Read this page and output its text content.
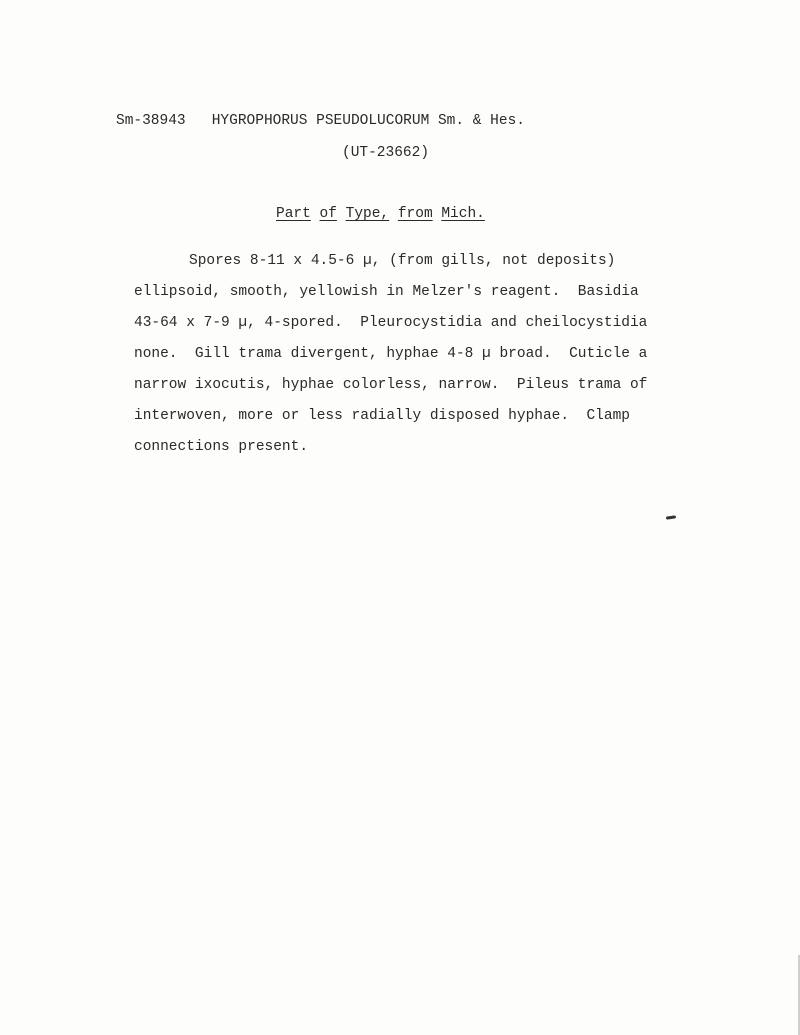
Sm-38943 HYGROPHORUS PSEUDOLUCORUM Sm. & Hes.
(UT-23662)
Part of Type, from Mich.
Spores 8-11 x 4.5-6 µ, (from gills, not deposits)
ellipsoid, smooth, yellowish in Melzer's reagent.  Basidia
43-64 x 7-9 µ, 4-spored.  Pleurocystidia and cheilocystidia
none.  Gill trama divergent, hyphae 4-8 µ broad.  Cuticle a
narrow ixocutis, hyphae colorless, narrow.  Pileus trama of
interwoven, more or less radially disposed hyphae.  Clamp
connections present.
